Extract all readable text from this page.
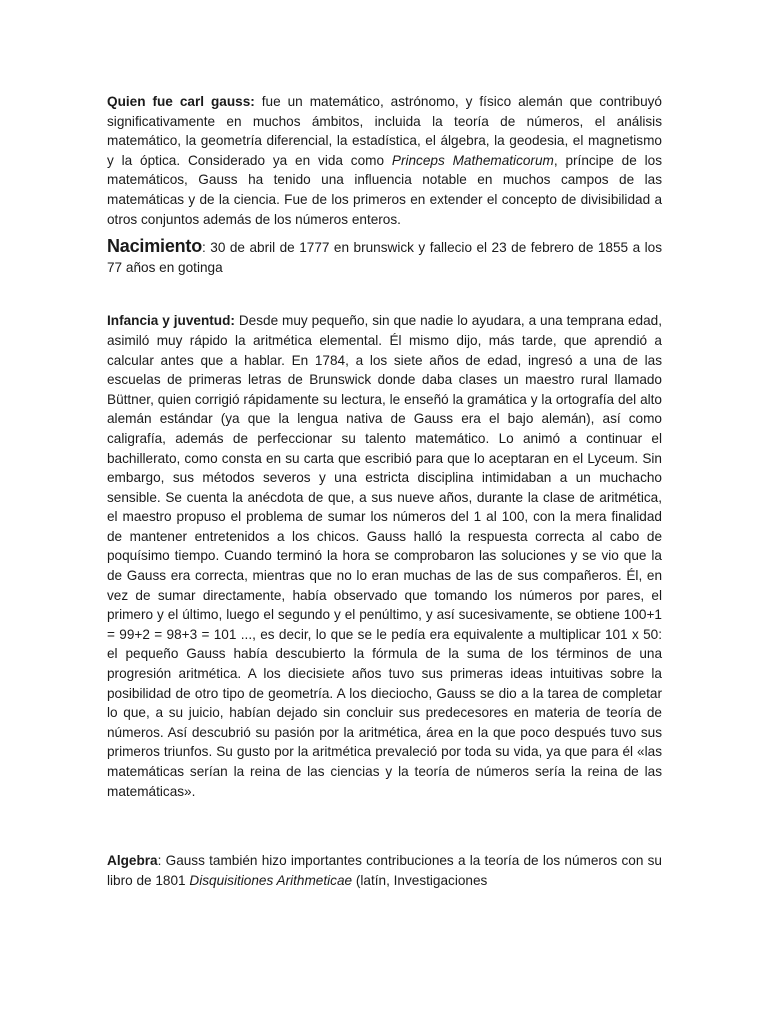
Quien fue carl gauss: fue un matemático, astrónomo, y físico alemán que contribuyó significativamente en muchos ámbitos, incluida la teoría de números, el análisis matemático, la geometría diferencial, la estadística, el álgebra, la geodesia, el magnetismo y la óptica. Considerado ya en vida como Princeps Mathematicorum, príncipe de los matemáticos, Gauss ha tenido una influencia notable en muchos campos de las matemáticas y de la ciencia. Fue de los primeros en extender el concepto de divisibilidad a otros conjuntos además de los números enteros.

Nacimiento: 30 de abril de 1777 en brunswick y fallecio el 23 de febrero de 1855 a los 77 años en gotinga

Infancia y juventud: Desde muy pequeño, sin que nadie lo ayudara, a una temprana edad, asimiló muy rápido la aritmética elemental. Él mismo dijo, más tarde, que aprendió a calcular antes que a hablar. En 1784, a los siete años de edad, ingresó a una de las escuelas de primeras letras de Brunswick donde daba clases un maestro rural llamado Büttner, quien corrigió rápidamente su lectura, le enseñó la gramática y la ortografía del alto alemán estándar (ya que la lengua nativa de Gauss era el bajo alemán), así como caligrafía, además de perfeccionar su talento matemático. Lo animó a continuar el bachillerato, como consta en su carta que escribió para que lo aceptaran en el Lyceum. Sin embargo, sus métodos severos y una estricta disciplina intimidaban a un muchacho sensible. Se cuenta la anécdota de que, a sus nueve años, durante la clase de aritmética, el maestro propuso el problema de sumar los números del 1 al 100, con la mera finalidad de mantener entretenidos a los chicos. Gauss halló la respuesta correcta al cabo de poquísimo tiempo. Cuando terminó la hora se comprobaron las soluciones y se vio que la de Gauss era correcta, mientras que no lo eran muchas de las de sus compañeros. Él, en vez de sumar directamente, había observado que tomando los números por pares, el primero y el último, luego el segundo y el penúltimo, y así sucesivamente, se obtiene 100+1 = 99+2 = 98+3 = 101 ..., es decir, lo que se le pedía era equivalente a multiplicar 101 x 50: el pequeño Gauss había descubierto la fórmula de la suma de los términos de una progresión aritmética. A los diecisiete años tuvo sus primeras ideas intuitivas sobre la posibilidad de otro tipo de geometría. A los dieciocho, Gauss se dio a la tarea de completar lo que, a su juicio, habían dejado sin concluir sus predecesores en materia de teoría de números. Así descubrió su pasión por la aritmética, área en la que poco después tuvo sus primeros triunfos. Su gusto por la aritmética prevaleció por toda su vida, ya que para él «las matemáticas serían la reina de las ciencias y la teoría de números sería la reina de las matemáticas».

Algebra: Gauss también hizo importantes contribuciones a la teoría de los números con su libro de 1801 Disquisitiones Arithmeticae (latín, Investigaciones
